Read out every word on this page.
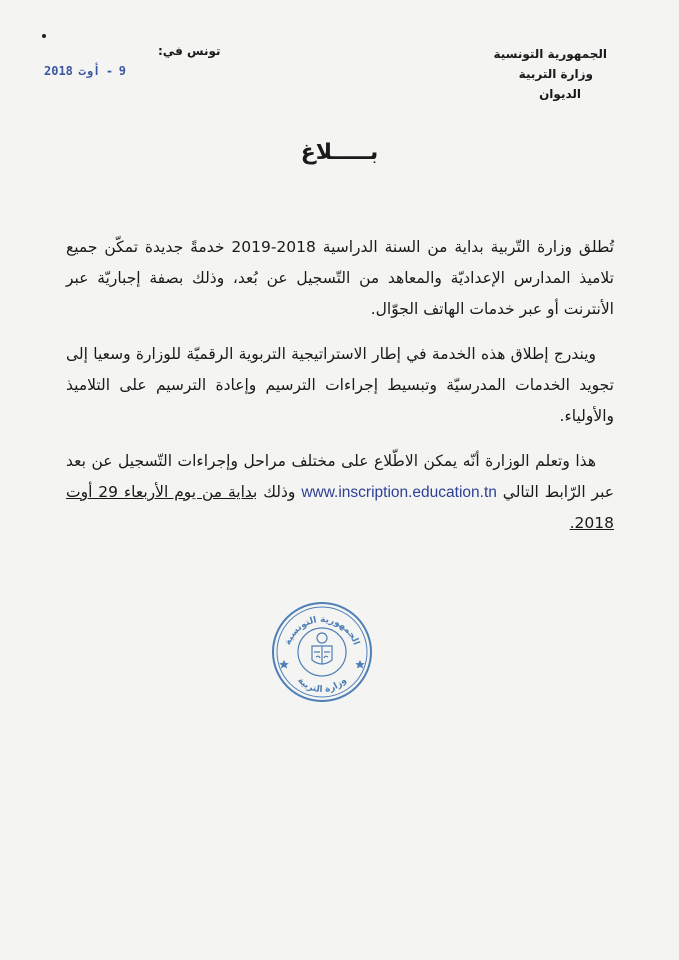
الجمهورية التونسية
وزارة التربية
الديوان
تونس في:
2018 أوت - 9
بـــــلاغ

تُطلق وزارة التّربية بداية من السنة الدراسية 2018-2019 خدمةً جديدة تمكّن جميع تلاميذ المدارس الإعداديّة والمعاهد من التّسجيل عن بُعد، وذلك بصفة إجباريّة عبر الأنترنت أو عبر خدمات الهاتف الجوّال.

ويندرج إطلاق هذه الخدمة في إطار الاستراتيجية التربوية الرقميّة للوزارة وسعيا إلى تجويد الخدمات المدرسيّة وتبسيط إجراءات الترسيم وإعادة الترسيم على التلاميذ والأولياء.

هذا وتعلم الوزارة أنّه يمكن الاطّلاع على مختلف مراحل وإجراءات التّسجيل عن بعد عبر الرّابط التالي www.inscription.education.tn وذلك بداية من يوم الأربعاء 29 أوت 2018.

الجمهورية التونسية
وزارة التربية
